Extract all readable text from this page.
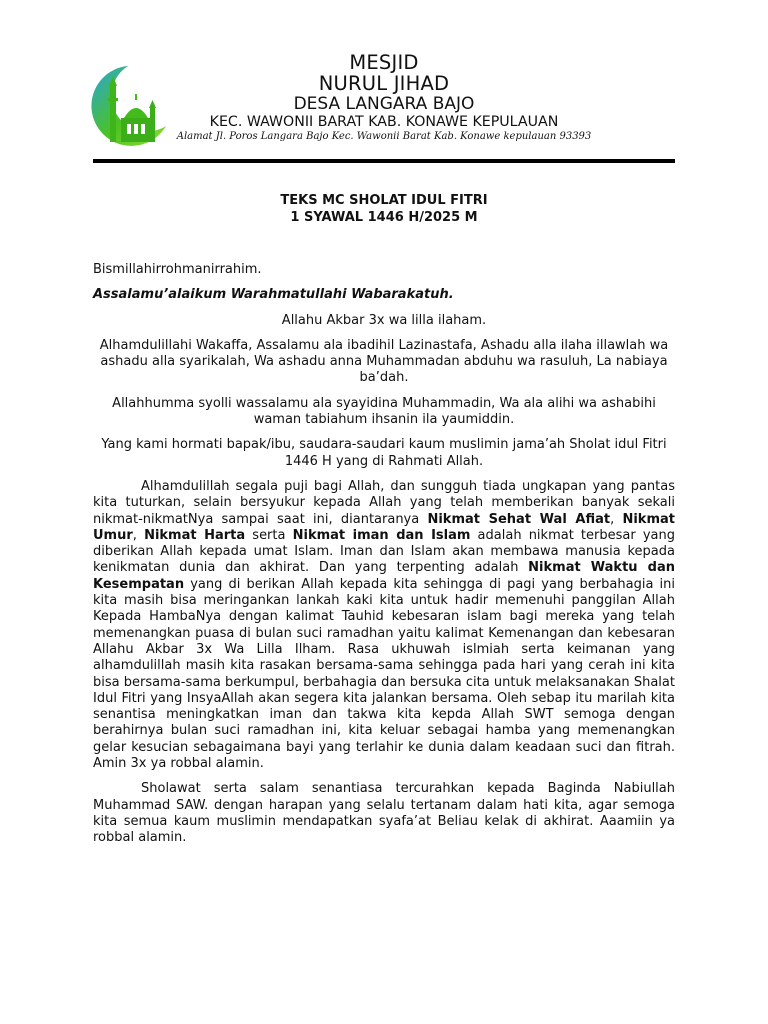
MESJID
NURUL JIHAD
DESA LANGARA BAJO
KEC. WAWONII BARAT KAB. KONAWE KEPULAUAN
Alamat Jl. Poros Langara Bajo Kec. Wawonii Barat Kab. Konawe kepulauan 93393
TEKS MC SHOLAT IDUL FITRI
1 SYAWAL 1446 H/2025 M

Bismillahirrohmanirrahim.

Assalamu’alaikum Warahmatullahi Wabarakatuh.

Allahu Akbar 3x wa lilla ilaham.

Alhamdulillahi Wakaffa, Assalamu ala ibadihil Lazinastafa, Ashadu alla ilaha illawlah wa ashadu alla syarikalah, Wa ashadu anna Muhammadan abduhu wa rasuluh, La nabiaya ba’dah.

Allahhumma syolli wassalamu ala syayidina Muhammadin, Wa ala alihi wa ashabihi waman tabiahum ihsanin ila yaumiddin.

Yang kami hormati bapak/ibu, saudara-saudari kaum muslimin jama’ah Sholat idul Fitri 1446 H yang di Rahmati Allah.

Alhamdulillah segala puji bagi Allah, dan sungguh tiada ungkapan yang pantas kita tuturkan, selain bersyukur kepada Allah yang telah memberikan banyak sekali nikmat-nikmatNya sampai saat ini, diantaranya Nikmat Sehat Wal Afiat, Nikmat Umur, Nikmat Harta serta Nikmat iman dan Islam adalah nikmat terbesar yang diberikan Allah kepada umat Islam. Iman dan Islam akan membawa manusia kepada kenikmatan dunia dan akhirat. Dan yang terpenting adalah Nikmat Waktu dan Kesempatan yang di berikan Allah kepada kita sehingga di pagi yang berbahagia ini kita masih bisa meringankan lankah kaki kita untuk hadir memenuhi panggilan Allah Kepada HambaNya dengan kalimat Tauhid kebesaran islam bagi mereka yang telah memenangkan puasa di bulan suci ramadhan yaitu kalimat Kemenangan dan kebesaran Allahu Akbar 3x Wa Lilla Ilham. Rasa ukhuwah islmiah serta keimanan yang alhamdulillah masih kita rasakan bersama-sama sehingga pada hari yang cerah ini kita bisa bersama-sama berkumpul, berbahagia dan bersuka cita untuk melaksanakan Shalat Idul Fitri yang InsyaAllah akan segera kita jalankan bersama. Oleh sebap itu marilah kita senantisa meningkatkan iman dan takwa kita kepda Allah SWT semoga dengan berahirnya bulan suci ramadhan ini, kita keluar sebagai hamba yang memenangkan gelar kesucian sebagaimana bayi yang terlahir ke dunia dalam keadaan suci dan fitrah. Amin 3x ya robbal alamin.

Sholawat serta salam senantiasa tercurahkan kepada Baginda Nabiullah Muhammad SAW. dengan harapan yang selalu tertanam dalam hati kita, agar semoga kita semua kaum muslimin mendapatkan syafa’at Beliau kelak di akhirat. Aaamiin ya robbal alamin.
